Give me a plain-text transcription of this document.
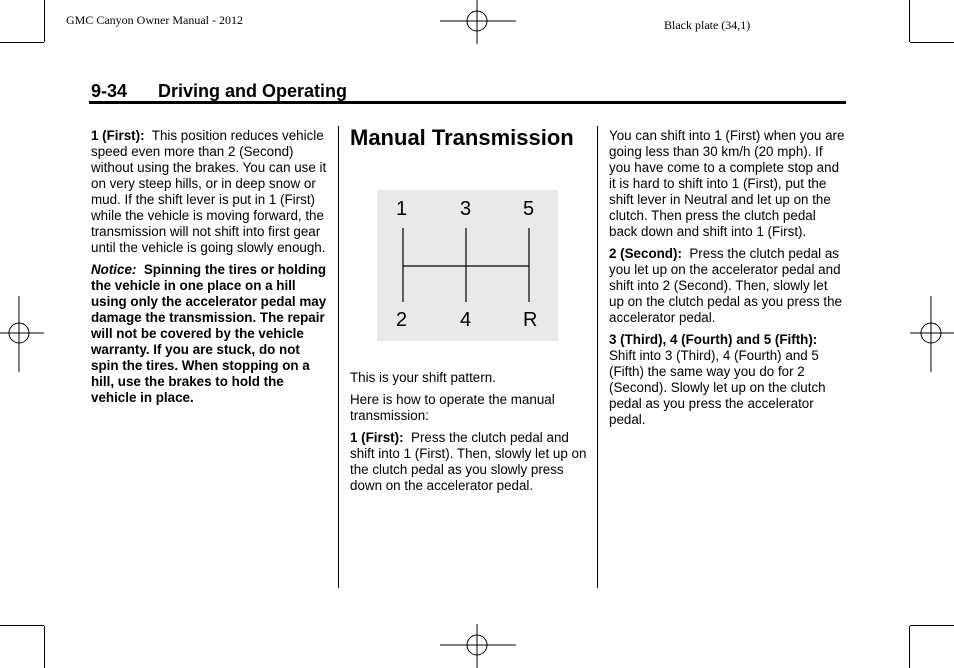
GMC Canyon Owner Manual - 2012	Black plate (34,1)
9-34 Driving and Operating

1 (First): This position reduces vehicle speed even more than 2 (Second) without using the brakes. You can use it on very steep hills, or in deep snow or mud. If the shift lever is put in 1 (First) while the vehicle is moving forward, the transmission will not shift into first gear until the vehicle is going slowly enough.

Notice: Spinning the tires or holding the vehicle in one place on a hill using only the accelerator pedal may damage the transmission. The repair will not be covered by the vehicle warranty. If you are stuck, do not spin the tires. When stopping on a hill, use the brakes to hold the vehicle in place.

Manual Transmission
1	3	5
2	4	R

This is your shift pattern.

Here is how to operate the manual transmission:

1 (First): Press the clutch pedal and shift into 1 (First). Then, slowly let up on the clutch pedal as you slowly press down on the accelerator pedal.

You can shift into 1 (First) when you are going less than 30 km/h (20 mph). If you have come to a complete stop and it is hard to shift into 1 (First), put the shift lever in Neutral and let up on the clutch. Then press the clutch pedal back down and shift into 1 (First).

2 (Second): Press the clutch pedal as you let up on the accelerator pedal and shift into 2 (Second). Then, slowly let up on the clutch pedal as you press the accelerator pedal.

3 (Third), 4 (Fourth) and 5 (Fifth): Shift into 3 (Third), 4 (Fourth) and 5 (Fifth) the same way you do for 2 (Second). Slowly let up on the clutch pedal as you press the accelerator pedal.
